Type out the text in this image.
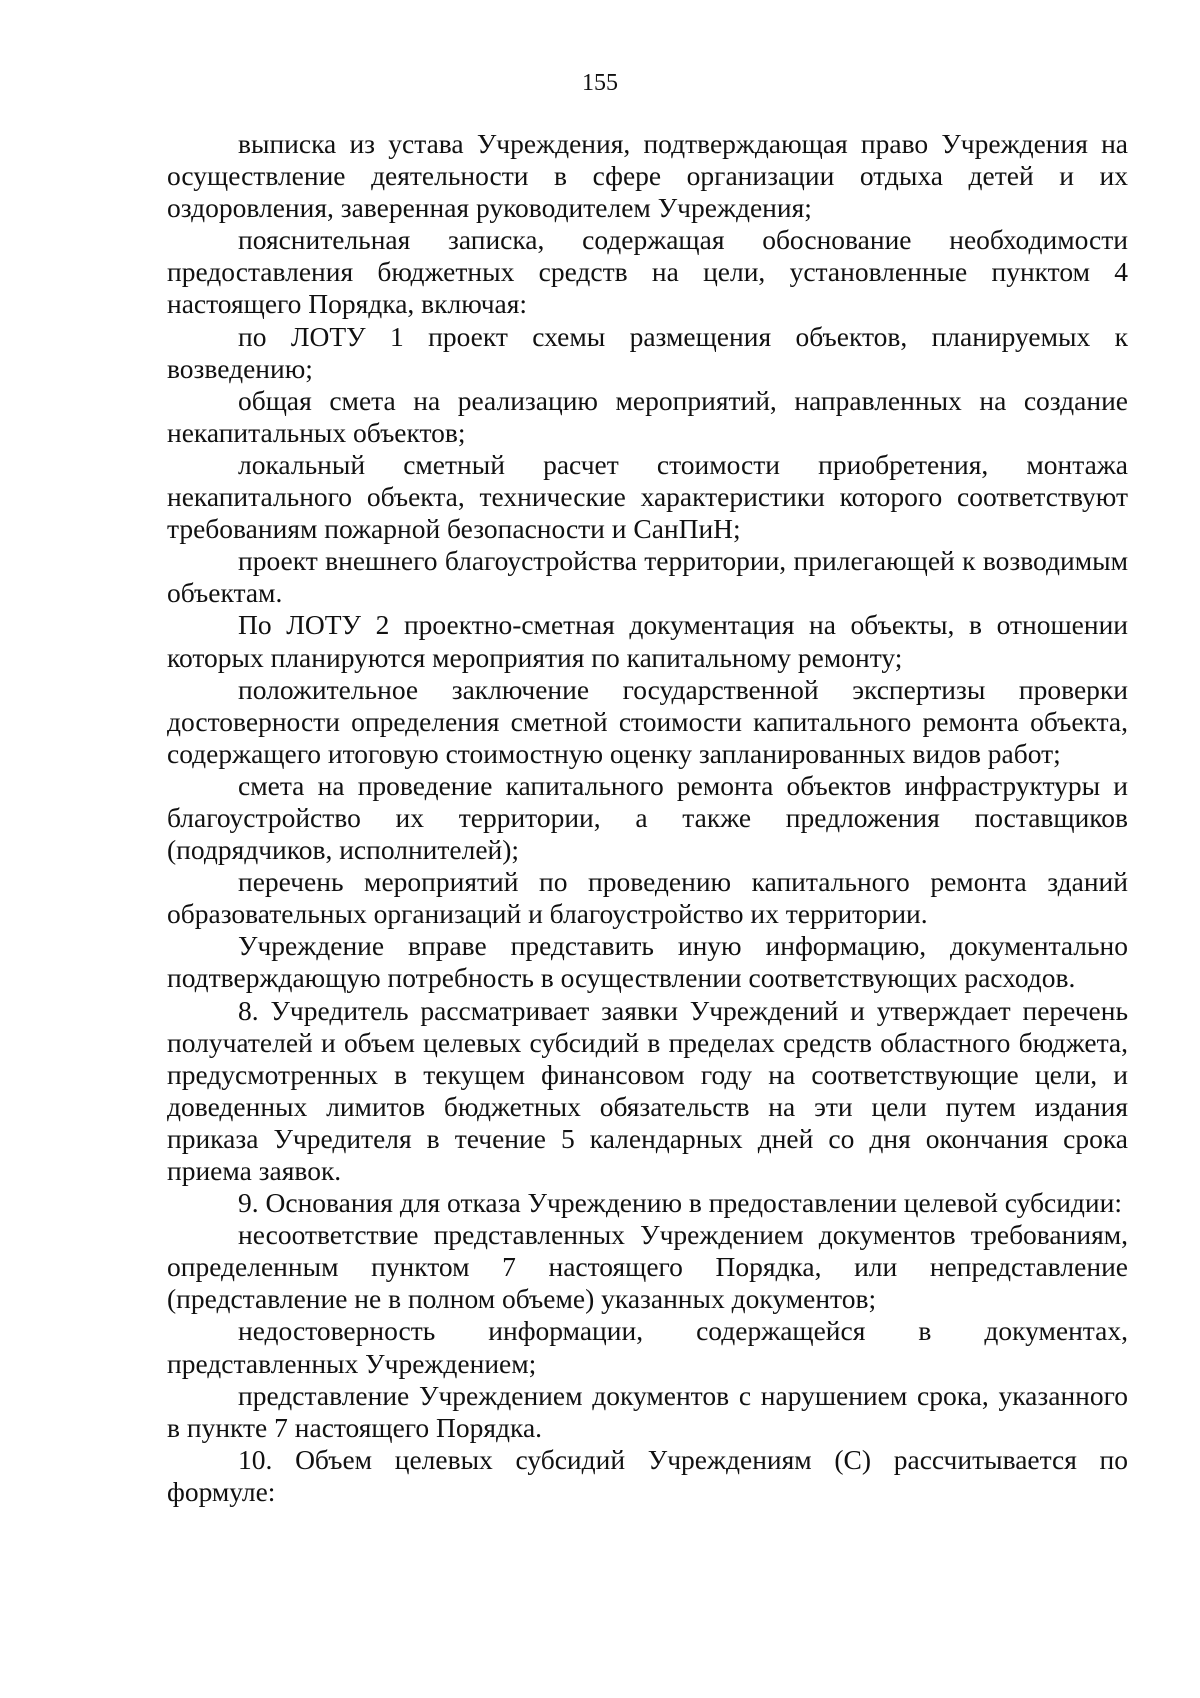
155

выписка из устава Учреждения, подтверждающая право Учреждения на осуществление деятельности в сфере организации отдыха детей и их оздоровления, заверенная руководителем Учреждения;

пояснительная записка, содержащая обоснование необходимости предоставления бюджетных средств на цели, установленные пунктом 4 настоящего Порядка, включая:

по ЛОТУ 1 проект схемы размещения объектов, планируемых к возведению;

общая смета на реализацию мероприятий, направленных на создание некапитальных объектов;

локальный сметный расчет стоимости приобретения, монтажа некапитального объекта, технические характеристики которого соответствуют требованиям пожарной безопасности и СанПиН;

проект внешнего благоустройства территории, прилегающей к возводимым объектам.

По ЛОТУ 2 проектно-сметная документация на объекты, в отношении которых планируются мероприятия по капитальному ремонту;

положительное заключение государственной экспертизы проверки достоверности определения сметной стоимости капитального ремонта объекта, содержащего итоговую стоимостную оценку запланированных видов работ;

смета на проведение капитального ремонта объектов инфраструктуры и благоустройство их территории, а также предложения поставщиков (подрядчиков, исполнителей);

перечень мероприятий по проведению капитального ремонта зданий образовательных организаций и благоустройство их территории.

Учреждение вправе представить иную информацию, документально подтверждающую потребность в осуществлении соответствующих расходов.

8. Учредитель рассматривает заявки Учреждений и утверждает перечень получателей и объем целевых субсидий в пределах средств областного бюджета, предусмотренных в текущем финансовом году на соответствующие цели, и доведенных лимитов бюджетных обязательств на эти цели путем издания приказа Учредителя в течение 5 календарных дней со дня окончания срока приема заявок.

9. Основания для отказа Учреждению в предоставлении целевой субсидии:

несоответствие представленных Учреждением документов требованиям, определенным пунктом 7 настоящего Порядка, или непредставление (представление не в полном объеме) указанных документов;

недостоверность информации, содержащейся в документах, представленных Учреждением;

представление Учреждением документов с нарушением срока, указанного в пункте 7 настоящего Порядка.

10. Объем целевых субсидий Учреждениям (С) рассчитывается по формуле:
